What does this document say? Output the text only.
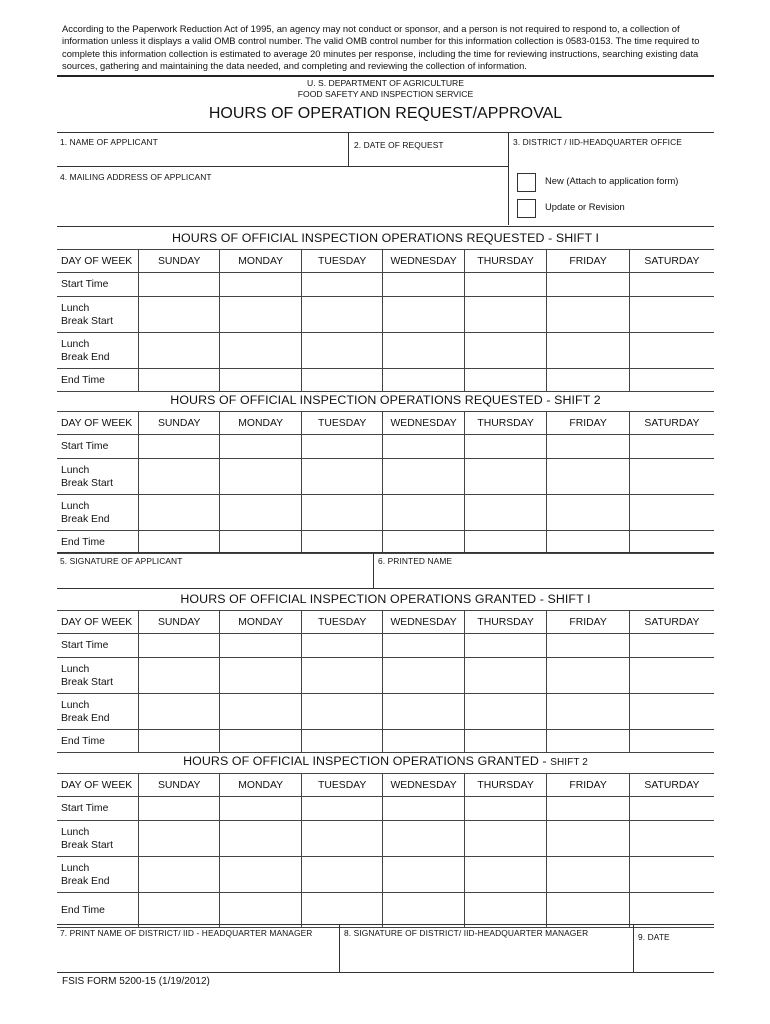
According to the Paperwork Reduction Act of 1995, an agency may not conduct or sponsor, and a person is not required to respond to, a collection of information unless it displays a valid OMB control number. The valid OMB control number for this information collection is 0583-0153. The time required to complete this information collection is estimated to average 20 minutes per response, including the time for reviewing instructions, searching existing data sources, gathering and maintaining the data needed, and completing and reviewing the collection of information.
U. S. DEPARTMENT OF AGRICULTURE
FOOD SAFETY AND INSPECTION SERVICE
HOURS OF OPERATION REQUEST/APPROVAL
1. NAME OF APPLICANT	2. DATE OF REQUEST	3. DISTRICT / IID-HEADQUARTER OFFICE
4. MAILING ADDRESS OF APPLICANT	New (Attach to application form)
Update or Revision
HOURS OF OFFICIAL INSPECTION OPERATIONS REQUESTED - SHIFT I
DAY OF WEEK	SUNDAY	MONDAY	TUESDAY	WEDNESDAY	THURSDAY	FRIDAY	SATURDAY

Start Time							

Lunch
Break Start							

Lunch
Break End							

End Time							

HOURS OF OFFICIAL INSPECTION OPERATIONS REQUESTED - SHIFT 2
DAY OF WEEK	SUNDAY	MONDAY	TUESDAY	WEDNESDAY	THURSDAY	FRIDAY	SATURDAY

Start Time							

Lunch
Break Start							

Lunch
Break End							

End Time							

5. SIGNATURE OF APPLICANT	6. PRINTED NAME
HOURS OF OFFICIAL INSPECTION OPERATIONS GRANTED - SHIFT I
DAY OF WEEK	SUNDAY	MONDAY	TUESDAY	WEDNESDAY	THURSDAY	FRIDAY	SATURDAY

Start Time							

Lunch
Break Start							

Lunch
Break End							

End Time							

HOURS OF OFFICIAL INSPECTION OPERATIONS GRANTED - SHIFT 2
DAY OF WEEK	SUNDAY	MONDAY	TUESDAY	WEDNESDAY	THURSDAY	FRIDAY	SATURDAY

Start Time							

Lunch
Break Start							

Lunch
Break End							

End Time							

7. PRINT NAME OF DISTRICT/ IID - HEADQUARTER MANAGER	8. SIGNATURE OF DISTRICT/ IID-HEADQUARTER MANAGER	9. DATE
FSIS FORM 5200-15 (1/19/2012)
